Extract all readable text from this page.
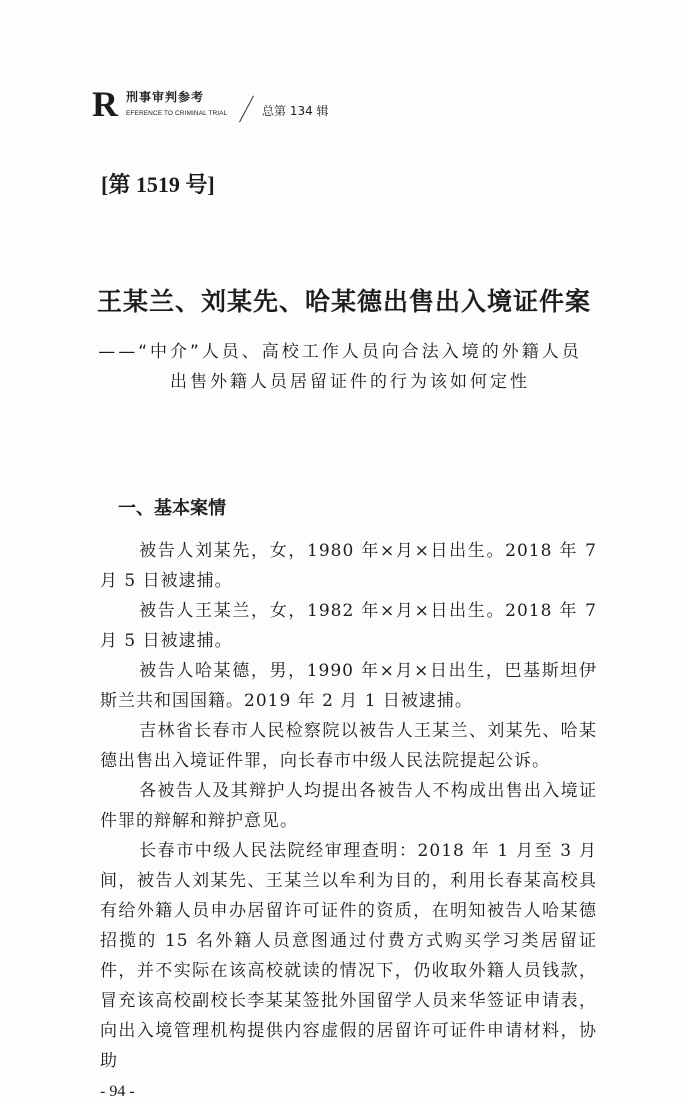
R 刑事审判参考
EFERENCE TO CRIMINAL TRIAL	总第 134 辑
[第 1519 号]
王某兰、刘某先、哈某德出售出入境证件案
——“中介”人员、高校工作人员向合法入境的外籍人员
出售外籍人员居留证件的行为该如何定性
一、基本案情

被告人刘某先，女，1980 年×月×日出生。2018 年 7 月 5 日被逮捕。

被告人王某兰，女，1982 年×月×日出生。2018 年 7 月 5 日被逮捕。

被告人哈某德，男，1990 年×月×日出生，巴基斯坦伊斯兰共和国国籍。2019 年 2 月 1 日被逮捕。

吉林省长春市人民检察院以被告人王某兰、刘某先、哈某德出售出入境证件罪，向长春市中级人民法院提起公诉。

各被告人及其辩护人均提出各被告人不构成出售出入境证件罪的辩解和辩护意见。

长春市中级人民法院经审理查明：2018 年 1 月至 3 月间，被告人刘某先、王某兰以牟利为目的，利用长春某高校具有给外籍人员申办居留许可证件的资质，在明知被告人哈某德招揽的 15 名外籍人员意图通过付费方式购买学习类居留证件，并不实际在该高校就读的情况下，仍收取外籍人员钱款，冒充该高校副校长李某某签批外国留学人员来华签证申请表，向出入境管理机构提供内容虚假的居留许可证件申请材料，协助

- 94 -
